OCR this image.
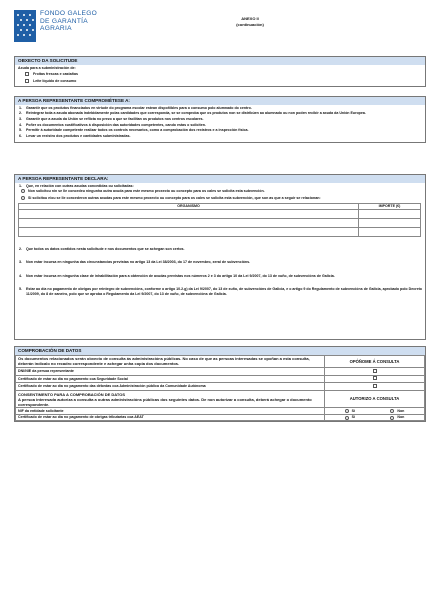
FONDO GALEGO
DE GARANTÍA
AGRARIA
ANEXO II
(continuación)
OBXECTO DA SOLICITUDE
Axuda para a subministración de:
Froitas frescas e castañas
Leite líquido de consumo
A PERSOA REPRESENTANTE COMPROMÉTESE A:
1.	Garantir que os produtos financiados en virtude do programa escolar estean dispoñibles para o consumo polo alumnado do centro.
2.	Reintegrar toda a axuda abonada indebidamente polas cantidades que corresponda, se se comproba que os produtos non se distribúen ao alumnado ou non poden recibir a axuda da Unión Europea.
3.	Garantir que a axuda da Unión se reflicta no prezo a que se facilitan os produtos nos centros escolares.
4.	Poñer os documentos xustificativos á disposición das autoridades competentes, cando estas o soliciten.
5.	Permitir á autoridade competente realizar todos os controis necesarios, como a comprobación dos rexistros e a inspección física.
6.	Levar un rexistro dos produtos e cantidades subministradas.
A PERSOA REPRESENTANTE DECLARA:
1.	Que, en relación con outras axudas concedidas ou solicitadas:
Non solicitou nin se lle concedeu ningunha outra axuda para este mesmo proxecto ou concepto para os cales se solicita esta subvención.
Si solicitou e/ou se lle concederon outras axudas para este mesmo proxecto ou concepto para os cales se solicita esta subvención, que son as que a seguir se relacionan:
ORGANISMO	IMPORTE (€)

2.	Que todos os datos contidos nesta solicitude e nos documentos que se achegan son certos.
3.	Non estar incursa en ningunha das circunstancias previstas no artigo 13 da Lei 38/2003, do 17 de novembro, xeral de subvencións.
4.	Non estar incursa en ningunha clase de inhabilitación para a obtención de axudas previstas nos números 2 e 3 do artigo 10 da Lei 9/2007, do 13 de xuño, de subvencións de Galicia.
5.	Estar ao día no pagamento de obrigas por reintegro de subvencións, conforme o artigo 10.2.g) da Lei 9/2007, do 13 de xuño, de subvencións de Galicia, e o artigo 9 do Regulamento de subvencións de Galicia, aprobado polo Decreto 11/2009, do 8 de xaneiro, polo que se aproba o Regulamento da Lei 9/2007, do 13 de xuño, de subvencións de Galicia.
COMPROBACIÓN DE DATOS
Os documentos relacionados serán obxecto de consulta ás administracións públicas. No caso de que as persoas interesadas se opoñan a esta consulta, deberán indicalo no recadro correspondente e achegar unha copia dos documentos.	OPÓÑOME Á CONSULTA
DNI/NIE da persoa representante	
Certificado de estar ao día no pagamento coa Seguridade Social	
Certificado de estar ao día no pagamento das débedas coa Administración pública da Comunidade Autónoma	

CONSENTIMENTO PARA A COMPROBACIÓN DE DATOS
A persoa interesada autoriza a consulta a outras administracións públicas dos seguintes datos. De non autorizar a consulta, deberá achegar o documento correspondente.	AUTORIZO A CONSULTA
NIF da entidade solicitante	Si Non

Certificado de estar ao día no pagamento de obrigas tributarias coa AEAT	Si Non
